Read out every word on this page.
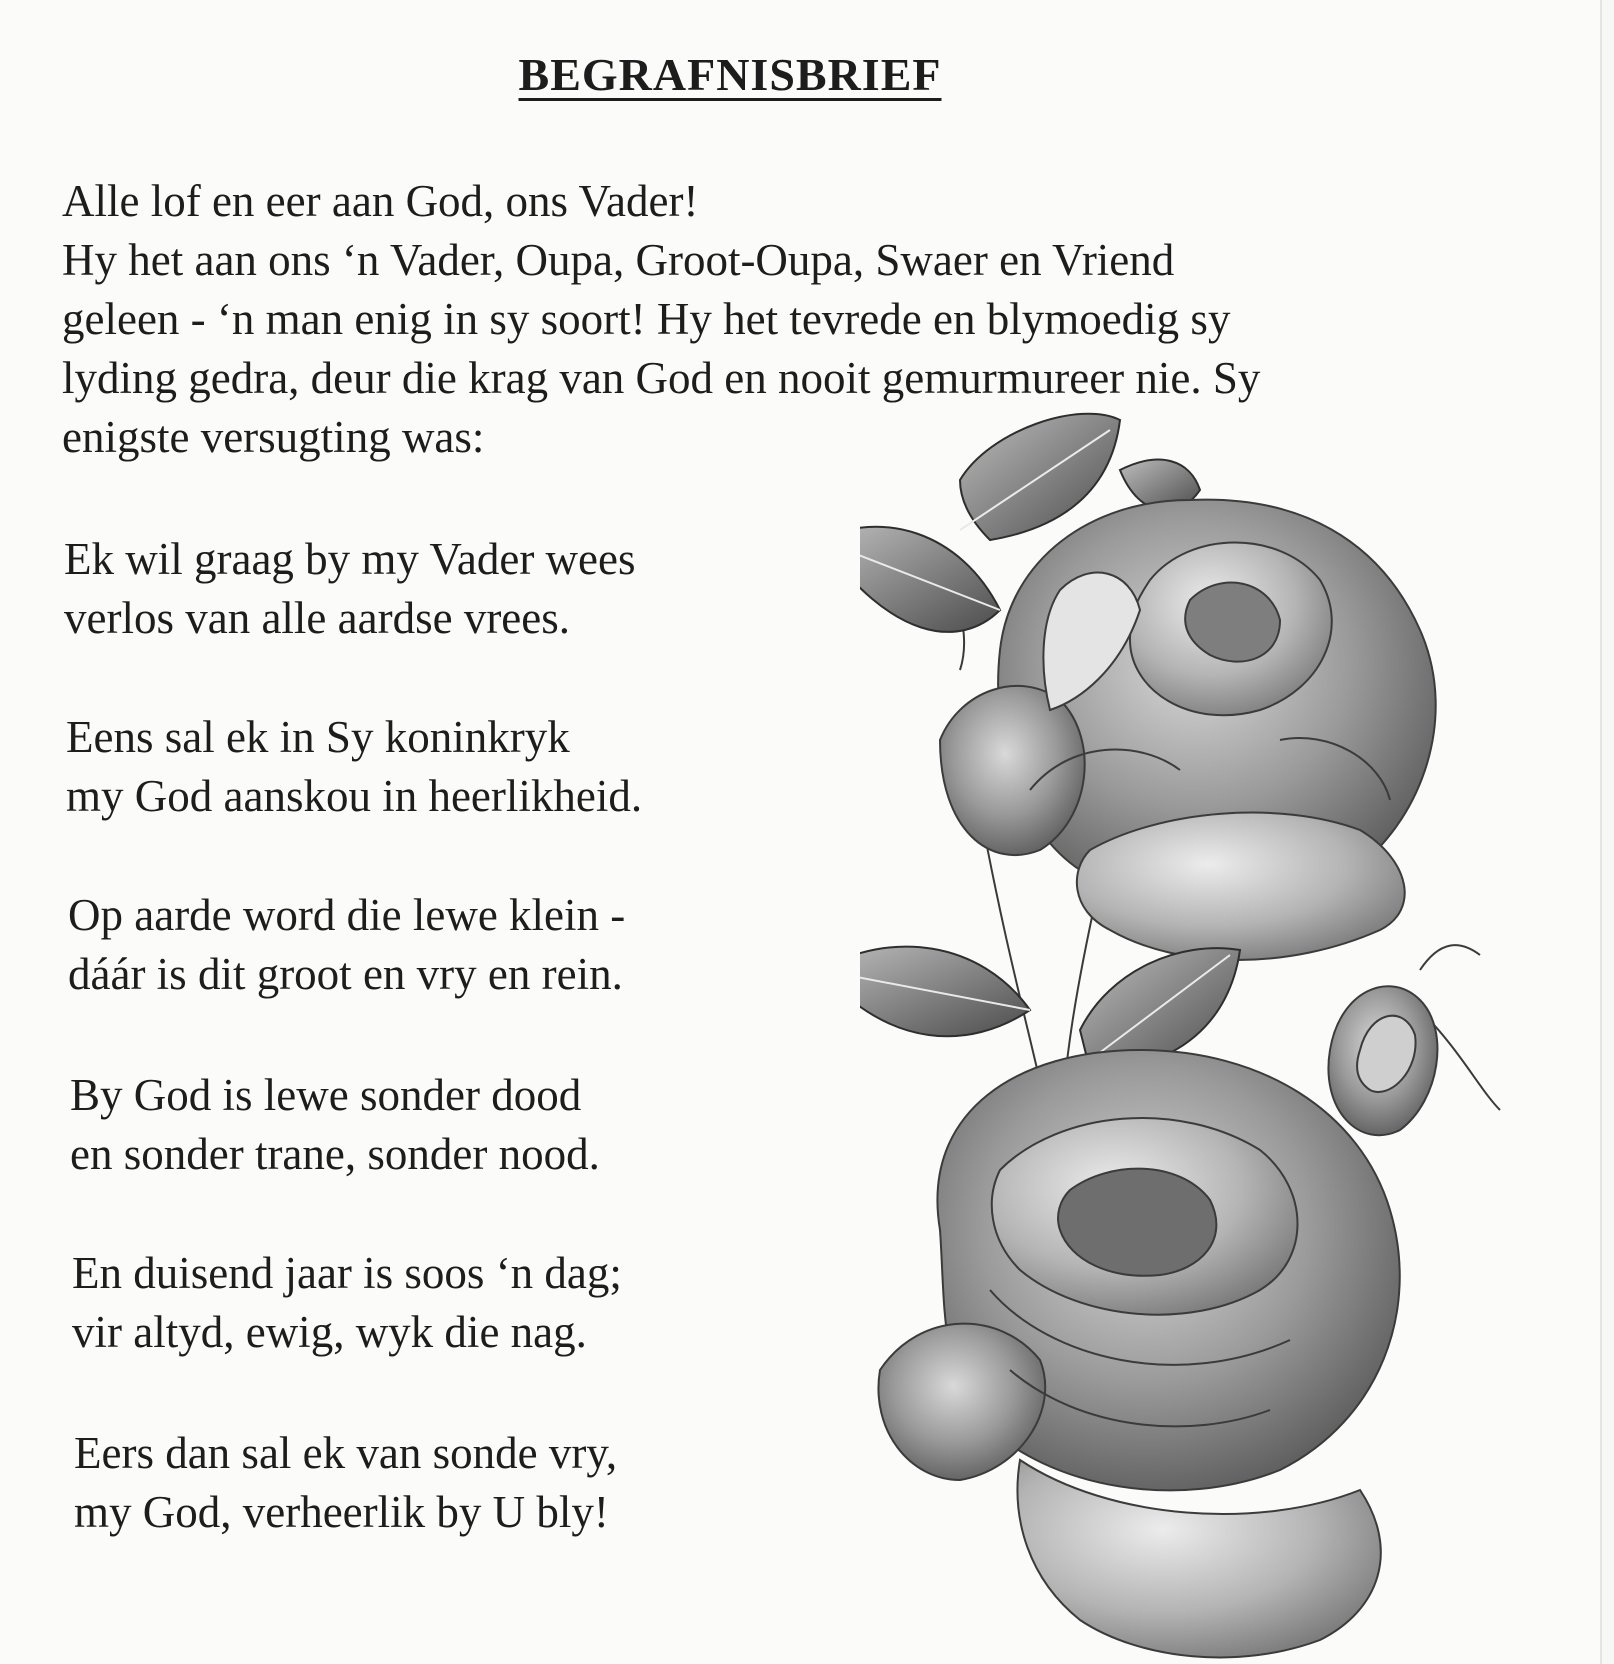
BEGRAFNISBRIEF
Alle lof en eer aan God, ons Vader!
Hy het aan ons ‘n Vader, Oupa, Groot-Oupa, Swaer en Vriend
geleen - ‘n man enig in sy soort! Hy het tevrede en blymoedig sy
lyding gedra, deur die krag van God en nooit gemurmureer nie. Sy
enigste versugting was:
Ek wil graag by my Vader wees
verlos van alle aardse vrees.
Eens sal ek in Sy koninkryk
my God aanskou in heerlikheid.
Op aarde word die lewe klein -
dáár is dit groot en vry en rein.
By God is lewe sonder dood
en sonder trane, sonder nood.
En duisend jaar is soos ‘n dag;
vir altyd, ewig, wyk die nag.
Eers dan sal ek van sonde vry,
my God, verheerlik by U bly!
